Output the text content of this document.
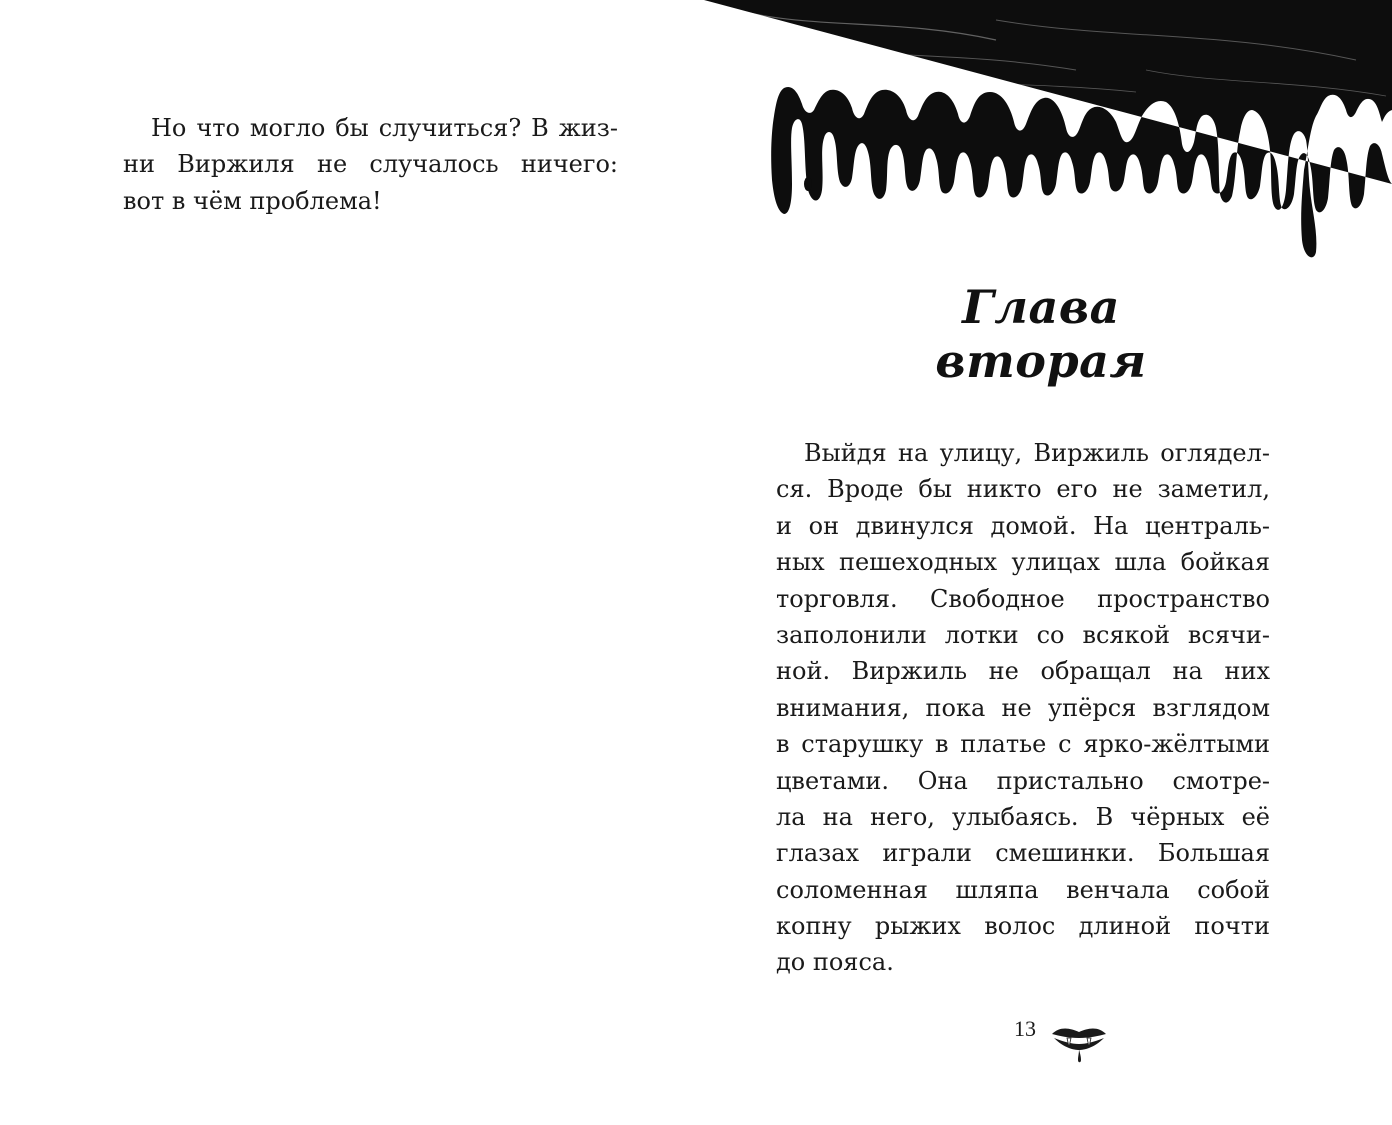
Но что могло бы случиться? В жиз-
ни Виржиля не случалось ничего:
вот в чём проблема!
Глава вторая
Выйдя на улицу, Виржиль оглядел-
ся. Вроде бы никто его не заметил,
и он двинулся домой. На централь-
ных пешеходных улицах шла бойкая
торговля. Свободное пространство
заполонили лотки со всякой всячи-
ной. Виржиль не обращал на них
внимания, пока не упёрся взглядом
в старушку в платье с ярко-жёлтыми
цветами. Она пристально смотре-
ла на него, улыбаясь. В чёрных её
глазах играли смешинки. Большая
соломенная шляпа венчала собой
копну рыжих волос длиной почти
до пояса.
13
